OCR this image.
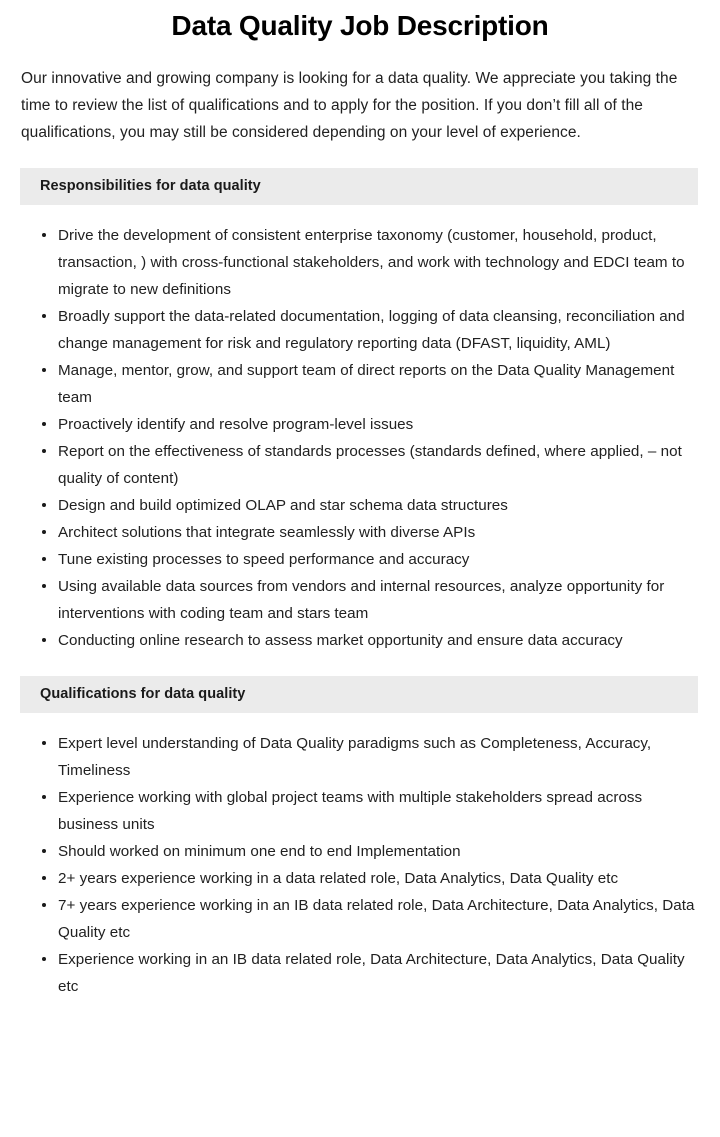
Data Quality Job Description

Our innovative and growing company is looking for a data quality. We appreciate you taking the time to review the list of qualifications and to apply for the position. If you don’t fill all of the qualifications, you may still be considered depending on your level of experience.

Responsibilities for data quality
Drive the development of consistent enterprise taxonomy (customer, household, product, transaction, ) with cross-functional stakeholders, and work with technology and EDCI team to migrate to new definitions
Broadly support the data-related documentation, logging of data cleansing, reconciliation and change management for risk and regulatory reporting data (DFAST, liquidity, AML)
Manage, mentor, grow, and support team of direct reports on the Data Quality Management team
Proactively identify and resolve program-level issues
Report on the effectiveness of standards processes (standards defined, where applied, – not quality of content)
Design and build optimized OLAP and star schema data structures
Architect solutions that integrate seamlessly with diverse APIs
Tune existing processes to speed performance and accuracy
Using available data sources from vendors and internal resources, analyze opportunity for interventions with coding team and stars team
Conducting online research to assess market opportunity and ensure data accuracy
Qualifications for data quality
Expert level understanding of Data Quality paradigms such as Completeness, Accuracy, Timeliness
Experience working with global project teams with multiple stakeholders spread across business units
Should worked on minimum one end to end Implementation
2+ years experience working in a data related role, Data Analytics, Data Quality etc
7+ years experience working in an IB data related role, Data Architecture, Data Analytics, Data Quality etc
Experience working in an IB data related role, Data Architecture, Data Analytics, Data Quality etc
